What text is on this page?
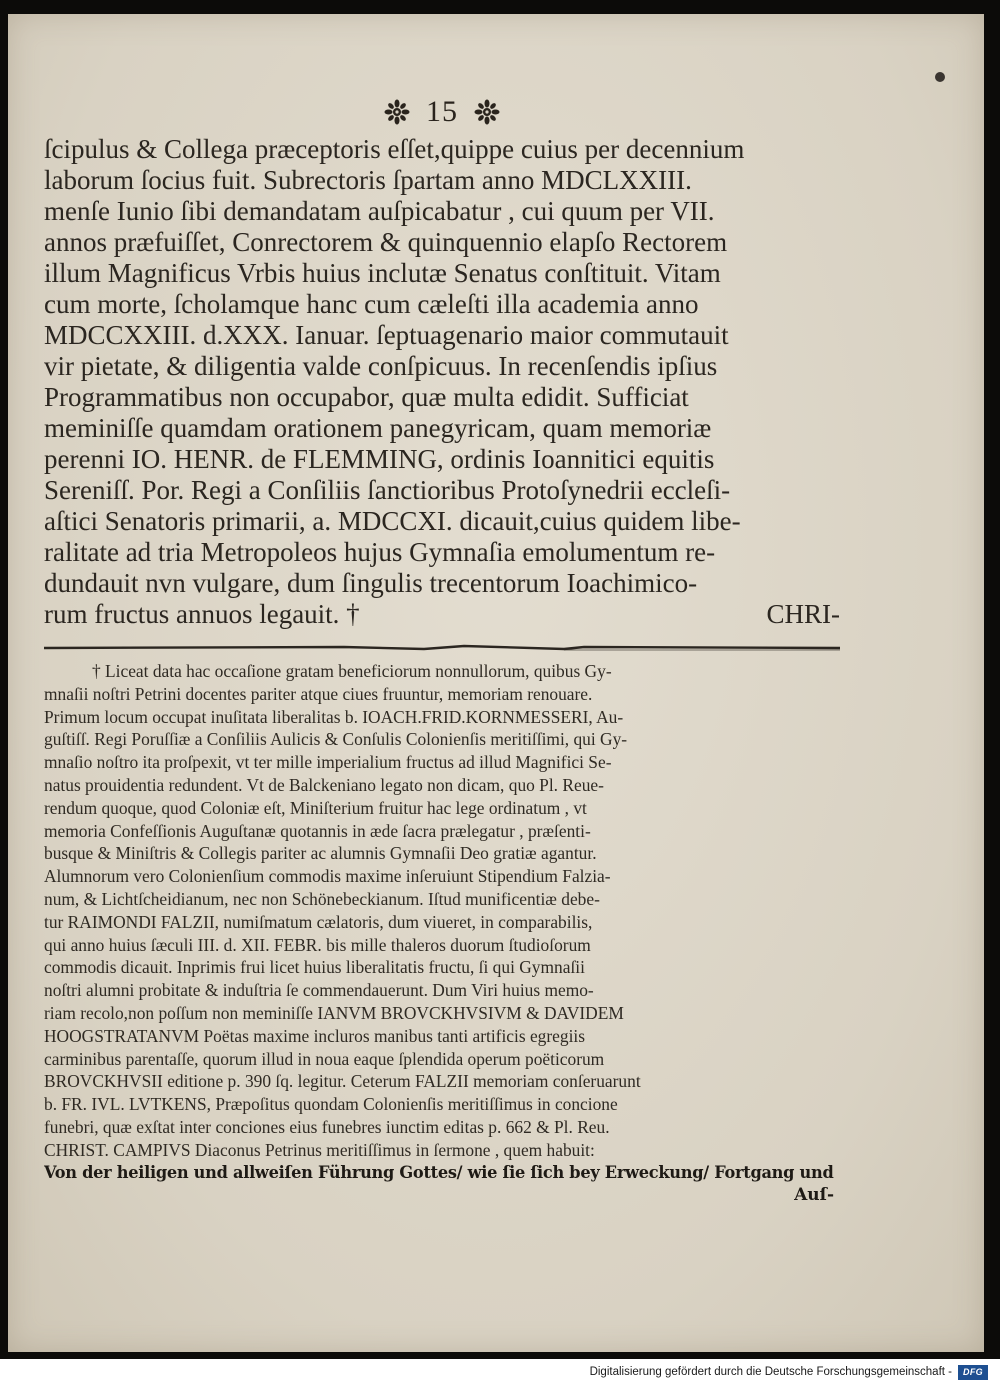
15
ſcipulus & Collega præceptoris eſſet,quippe cuius per decennium
laborum ſocius fuit. Subrectoris ſpartam anno MDCLXXIII.
menſe Iunio ſibi demandatam auſpicabatur , cui quum per VII.
annos præfuiſſet, Conrectorem & quinquennio elapſo Rectorem
illum Magnificus Vrbis huius inclutæ Senatus conſtituit. Vitam
cum morte, ſcholamque hanc cum cæleſti illa academia anno
MDCCXXIII. d.XXX. Ianuar. ſeptuagenario maior commutauit
vir pietate, & diligentia valde conſpicuus. In recenſendis ipſius
Programmatibus non occupabor, quæ multa edidit. Sufficiat
meminiſſe quamdam orationem panegyricam, quam memoriæ
perenni IO. HENR. de FLEMMING, ordinis Ioannitici equitis
Sereniſſ. Por. Regi a Conſiliis ſanctioribus Protoſynedrii eccleſi-
aſtici Senatoris primarii, a. MDCCXI. dicauit,cuius quidem libe-
ralitate ad tria Metropoleos hujus Gymnaſia emolumentum re-
dundauit nvn vulgare, dum ſingulis trecentorum Ioachimico-
rum fructus annuos legauit. †	CHRI-
† Liceat data hac occaſione gratam beneficiorum nonnullorum, quibus Gy-
mnaſii noſtri Petrini docentes pariter atque ciues fruuntur, memoriam renouare.
Primum locum occupat inuſitata liberalitas b. IOACH.FRID.KORNMESSERI, Au-
guſtiſſ. Regi Poruſſiæ a Conſiliis Aulicis & Conſulis Colonienſis meritiſſimi, qui Gy-
mnaſio noſtro ita proſpexit, vt ter mille imperialium fructus ad illud Magnifici Se-
natus prouidentia redundent. Vt de Balckeniano legato non dicam, quo Pl. Reue-
rendum quoque, quod Coloniæ eſt, Miniſterium fruitur hac lege ordinatum , vt
memoria Confeſſionis Auguſtanæ quotannis in æde ſacra prælegatur , præſenti-
busque & Miniſtris & Collegis pariter ac alumnis Gymnaſii Deo gratiæ agantur.
Alumnorum vero Colonienſium commodis maxime inſeruiunt Stipendium Falzia-
num, & Lichtſcheidianum, nec non Schönebeckianum. Iſtud munificentiæ debe-
tur RAIMONDI FALZII, numiſmatum cælatoris, dum viueret, in comparabilis,
qui anno huius ſæculi III. d. XII. FEBR. bis mille thaleros duorum ſtudioſorum
commodis dicauit. Inprimis frui licet huius liberalitatis fructu, ſi qui Gymnaſii
noſtri alumni probitate & induſtria ſe commendauerunt. Dum Viri huius memo-
riam recolo,non poſſum non meminiſſe IANVM BROVCKHVSIVM & DAVIDEM
HOOGSTRATANVM Poëtas maxime incluros manibus tanti artificis egregiis
carminibus parentaſſe, quorum illud in noua eaque ſplendida operum poëticorum
BROVCKHVSII editione p. 390 ſq. legitur. Ceterum FALZII memoriam conſeruarunt
b. FR. IVL. LVTKENS, Præpoſitus quondam Colonienſis meritiſſimus in concione
funebri, quæ exſtat inter conciones eius funebres iunctim editas p. 662 & Pl. Reu.
CHRIST. CAMPIVS Diaconus Petrinus meritiſſimus in ſermone , quem habuit:
Von der heiligen und allweiſen Führung Gottes/ wie ſie ſich bey Erweckung/ Fortgang und
Auſ-
Digitalisierung gefördert durch die Deutsche Forschungsgemeinschaft -	DFG
